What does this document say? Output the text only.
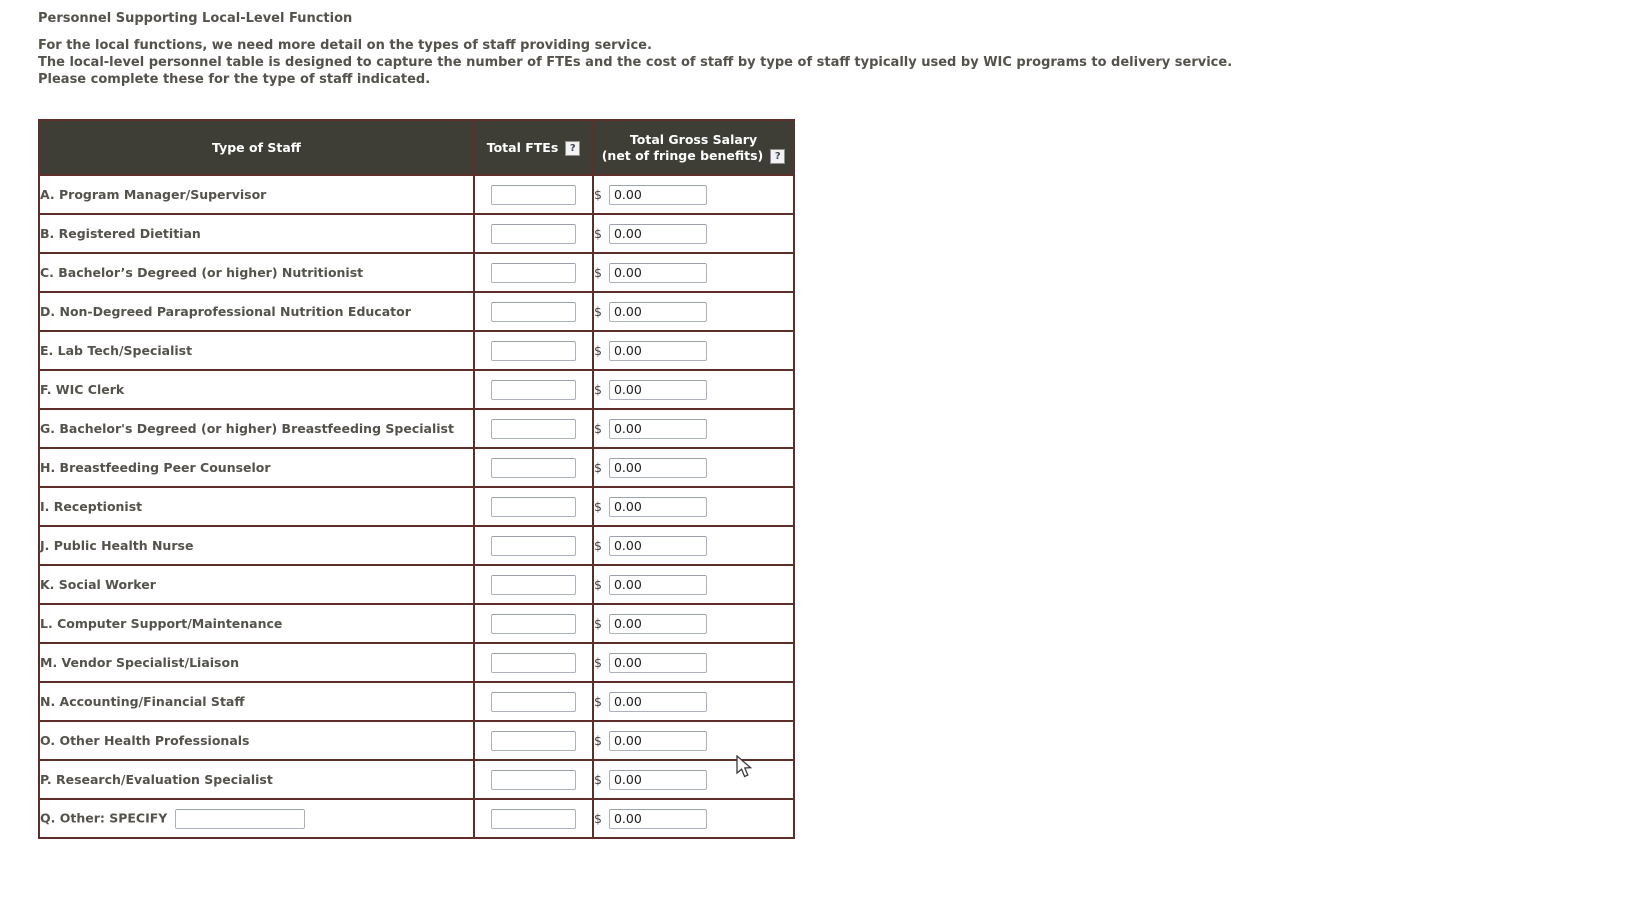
Personnel Supporting Local-Level Function
For the local functions, we need more detail on the types of staff providing service.
The local-level personnel table is designed to capture the number of FTEs and the cost of staff by type of staff typically used by WIC programs to delivery service.
Please complete these for the type of staff indicated.
Type of Staff	Total FTEs ?	Total Gross Salary
(net of fringe benefits) ?

A. Program Manager/Supervisor		$0.00
B. Registered Dietitian		$0.00
C. Bachelor’s Degreed (or higher) Nutritionist		$0.00
D. Non-Degreed Paraprofessional Nutrition Educator		$0.00
E. Lab Tech/Specialist		$0.00
F. WIC Clerk		$0.00
G. Bachelor's Degreed (or higher) Breastfeeding Specialist		$0.00
H. Breastfeeding Peer Counselor		$0.00
I. Receptionist		$0.00
J. Public Health Nurse		$0.00
K. Social Worker		$0.00
L. Computer Support/Maintenance		$0.00
M. Vendor Specialist/Liaison		$0.00
N. Accounting/Financial Staff		$0.00
O. Other Health Professionals		$0.00
P. Research/Evaluation Specialist		$0.00
Q. Other: SPECIFY		$0.00
